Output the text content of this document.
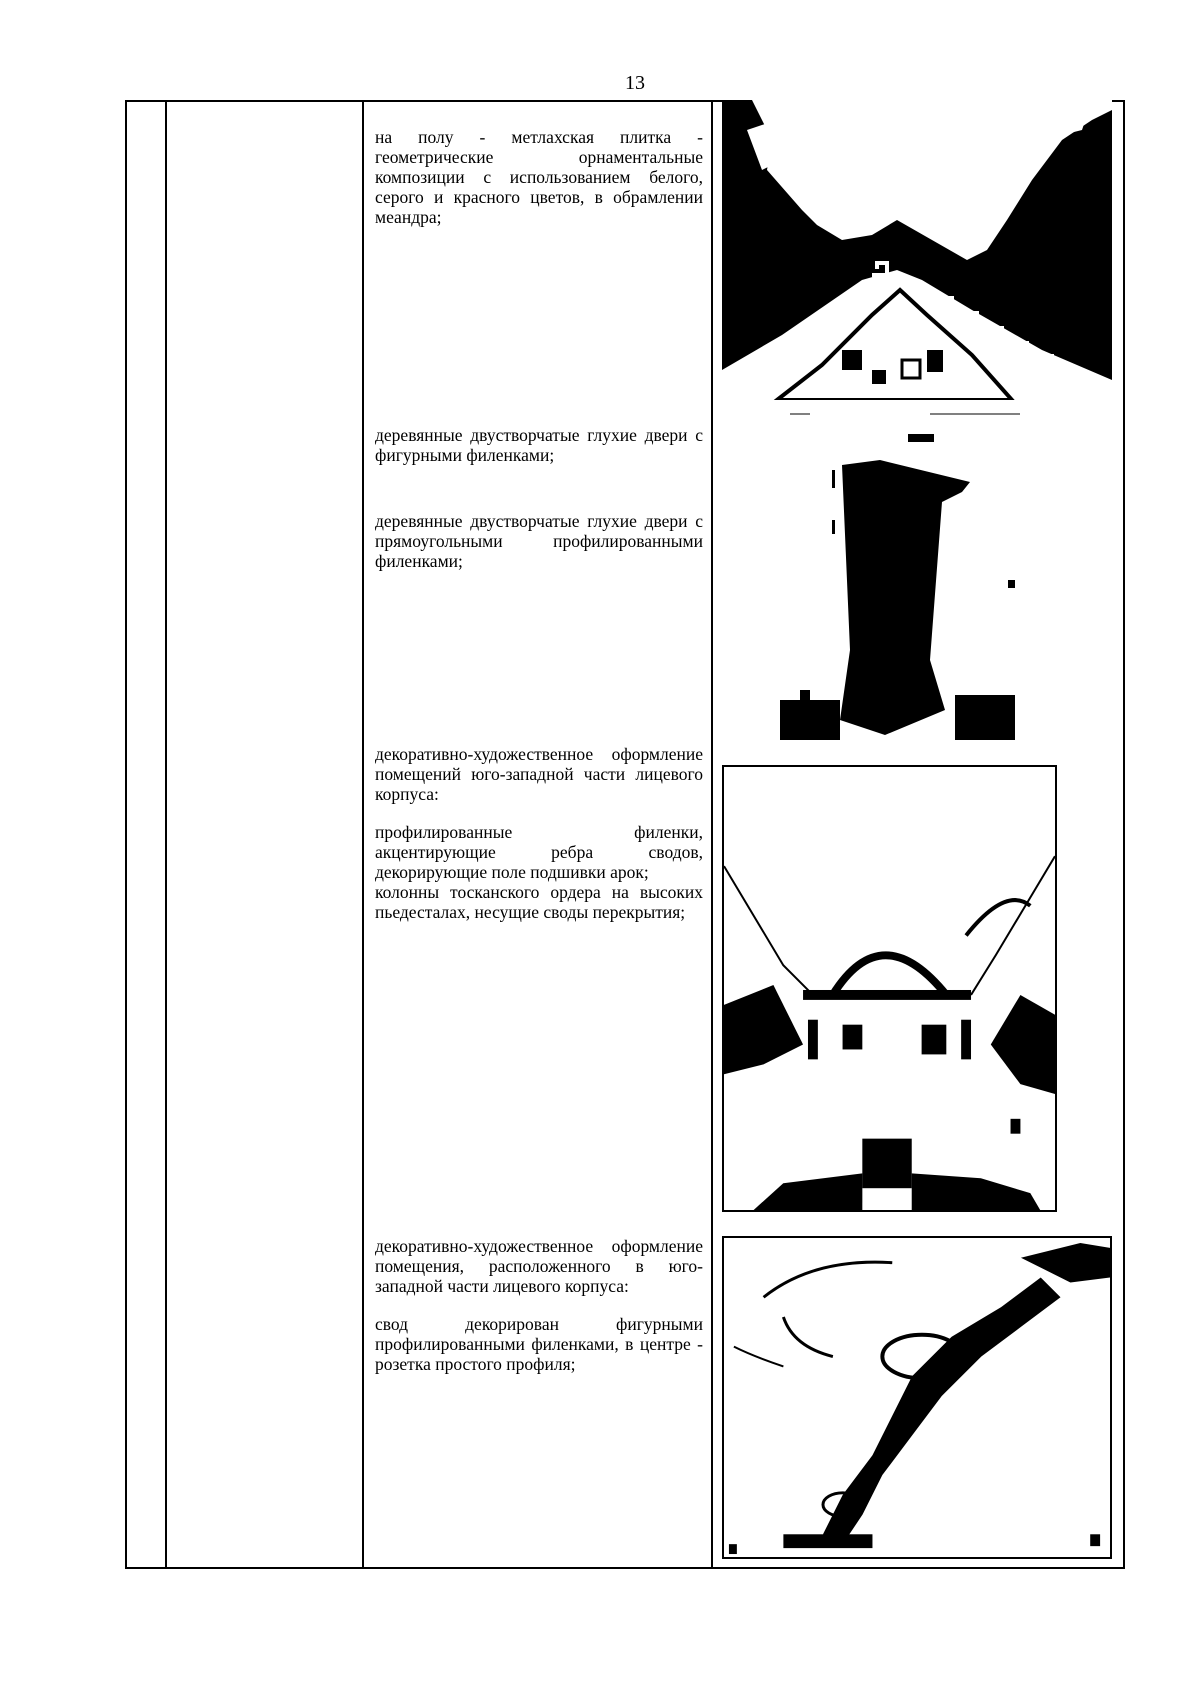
13

на полу - метлахская плитка - геометрические орнаментальные композиции с использованием белого, серого и красного цветов, в обрамлении меандра;

деревянные двустворчатые глухие двери с фигурными филенками;

деревянные двустворчатые глухие двери с прямоугольными профилированными филенками;

декоративно-художественное оформление помещений юго-западной части лицевого корпуса:

профилированные филенки, акцентирующие ребра сводов, декорирующие поле подшивки арок;

колонны тосканского ордера на высоких пьедесталах, несущие своды перекрытия;

декоративно-художественное оформление помещения, расположенного в юго-западной части лицевого корпуса:

свод декорирован фигурными профилированными филенками, в центре - розетка простого профиля;
